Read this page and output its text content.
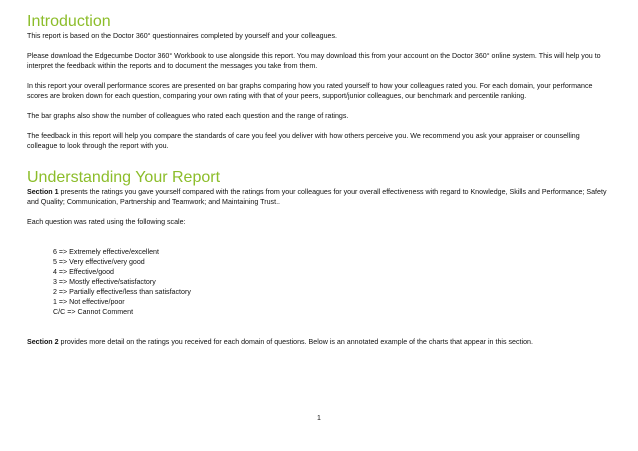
Introduction

This report is based on the Doctor 360° questionnaires completed by yourself and your colleagues.

Please download the Edgecumbe Doctor 360° Workbook to use alongside this report. You may download this from your account on the Doctor 360° online system. This will help you to interpret the feedback within the reports and to document the messages you take from them.

In this report your overall performance scores are presented on bar graphs comparing how you rated yourself to how your colleagues rated you. For each domain, your performance scores are broken down for each question, comparing your own rating with that of your peers, support/junior colleagues, our benchmark and percentile ranking.

The bar graphs also show the number of colleagues who rated each question and the range of ratings.

The feedback in this report will help you compare the standards of care you feel you deliver with how others perceive you. We recommend you ask your appraiser or counselling colleague to look through the report with you.

Understanding Your Report

Section 1 presents the ratings you gave yourself compared with the ratings from your colleagues for your overall effectiveness with regard to Knowledge, Skills and Performance; Safety and Quality; Communication, Partnership and Teamwork; and Maintaining Trust..

Each question was rated using the following scale:

6 => Extremely effective/excellent
5 => Very effective/very good
4 => Effective/good
3 => Mostly effective/satisfactory
2 => Partially effective/less than satisfactory
1 => Not effective/poor
C/C => Cannot Comment

Section 2 provides more detail on the ratings you received for each domain of questions. Below is an annotated example of the charts that appear in this section.

1
